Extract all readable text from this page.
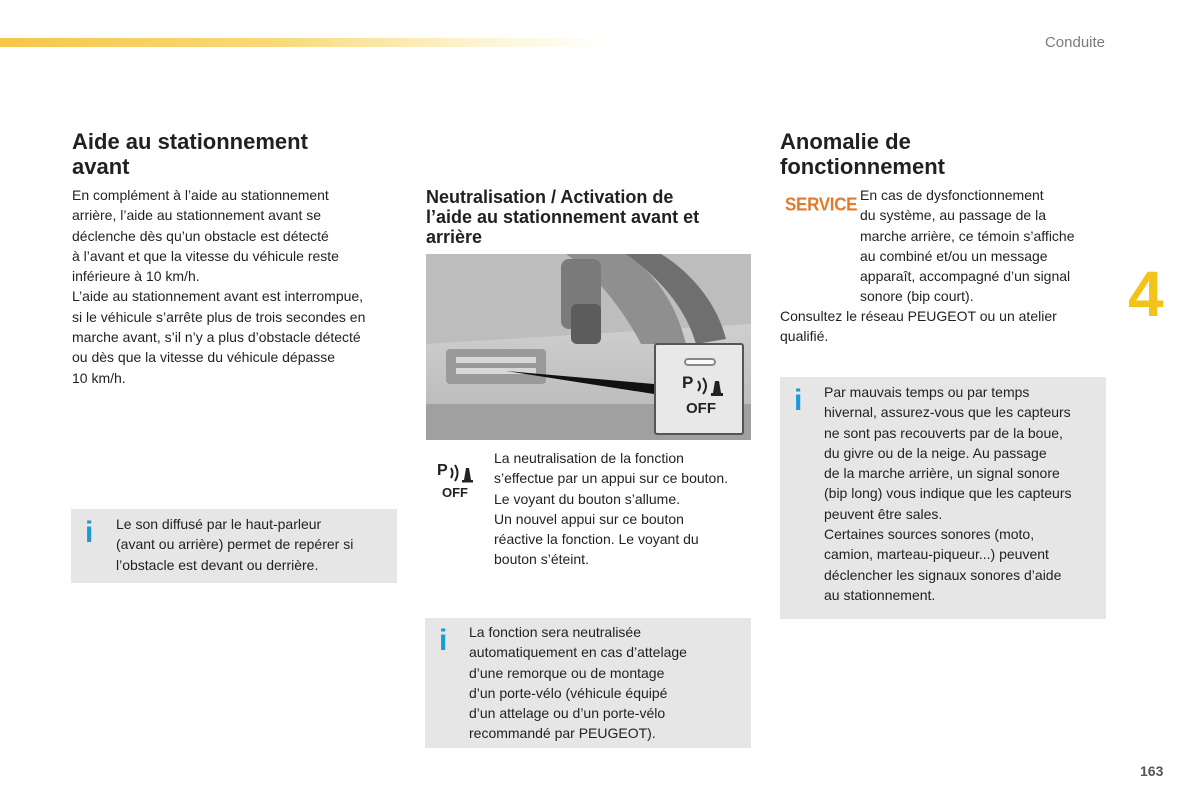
Conduite
4
163
Aide au stationnement
avant

En complément à l’aide au stationnement

arrière, l’aide au stationnement avant se

déclenche dès qu’un obstacle est détecté

à l’avant et que la vitesse du véhicule reste

inférieure à 10 km/h.

L’aide au stationnement avant est interrompue,

si le véhicule s’arrête plus de trois secondes en

marche avant, s’il n’y a plus d’obstacle détecté

ou dès que la vitesse du véhicule dépasse

10 km/h.

i Le son diffusé par le haut-parleur
(avant ou arrière) permet de repérer si
l’obstacle est devant ou derrière.
Neutralisation / Activation de
l’aide au stationnement avant et
arrière
P
OFF
P
OFF

La neutralisation de la fonction

s’effectue par un appui sur ce bouton.

Le voyant du bouton s’allume.

Un nouvel appui sur ce bouton

réactive la fonction. Le voyant du

bouton s’éteint.

i La fonction sera neutralisée
automatiquement en cas d’attelage
d’une remorque ou de montage
d’un porte-vélo (véhicule équipé
d’un attelage ou d’un porte-vélo
recommandé par PEUGEOT).
Anomalie de
fonctionnement
SERVICE En cas de dysfonctionnement

du système, au passage de la

marche arrière, ce témoin s’affiche

au combiné et/ou un message

apparaît, accompagné d’un signal

sonore (bip court).

Consultez le réseau PEUGEOT ou un atelier

qualifié.

i Par mauvais temps ou par temps
hivernal, assurez-vous que les capteurs
ne sont pas recouverts par de la boue,
du givre ou de la neige. Au passage
de la marche arrière, un signal sonore
(bip long) vous indique que les capteurs
peuvent être sales.
Certaines sources sonores (moto,
camion, marteau-piqueur...) peuvent
déclencher les signaux sonores d’aide
au stationnement.
